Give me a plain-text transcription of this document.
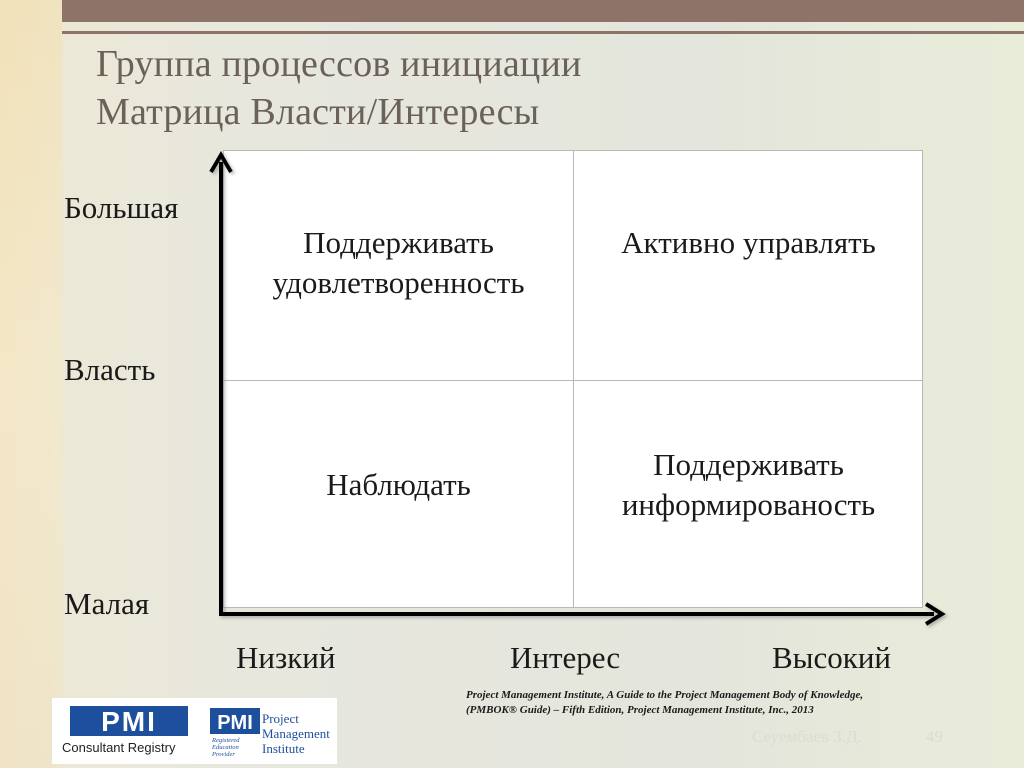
Группа процессов инициации
Матрица Власти/Интересы

Большая

Власть

Малая

Низкий	Интерес	Высокий
Поддерживать
удовлетворенность
Активно управлять
Наблюдать
Поддерживать
информированость

Project Management Institute, A Guide to the Project Management Body of Knowledge,
(PMBOK® Guide) – Fifth Edition, Project Management Institute, Inc., 2013

PMI
Consultant Registry
PMI Project
Management
Institute
Registered
Education
Provider

Сеуембаев З.Д.	49
